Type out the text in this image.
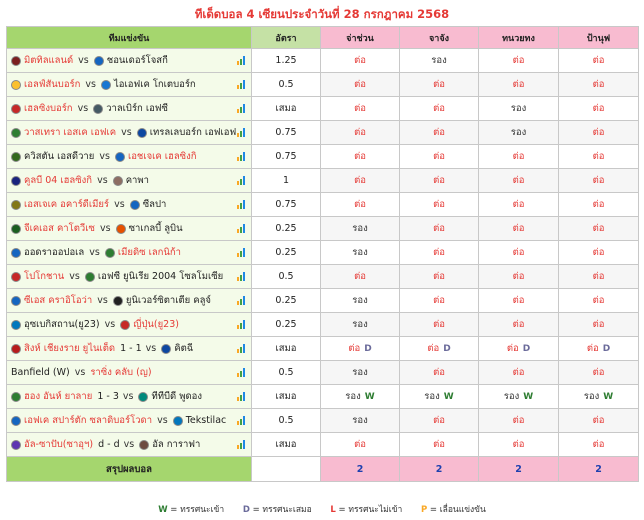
ทีเด็ดบอล 4 เซียนประจำวันที่ 28 กรกฎาคม 2568
ทีมแข่งขัน	อัตรา	จ่าช่วน	จาจัง	ทนวยทง	ป้านุฟ
มิตทิลแลนด์ vs ชอนเดอร์โจสกี	1.25	ต่อ	รอง	ต่อ	ต่อ
เอลฟ์สันบอร์ก vs ไอเอฟเค โกเตบอร์ก	0.5	ต่อ	ต่อ	ต่อ	ต่อ
เฮลซิงบอร์ก vs วาลเบิร์ก เอฟซี	เสมอ	ต่อ	ต่อ	รอง	ต่อ
วาสเทรา เอสเค เอฟเค vs เทรลเลบอร์ก เอฟเอฟ	0.75	ต่อ	ต่อ	รอง	ต่อ
ควิสตัน เอสดีวาย vs เอชเจเค เฮลซิงกิ	0.75	ต่อ	ต่อ	ต่อ	ต่อ
คูลบี 04 เฮลซิงกิ vs คาพา	1	ต่อ	ต่อ	ต่อ	ต่อ
เอสเจเค อคาร์ดีเมียร์ vs ซีลปา	0.75	ต่อ	ต่อ	ต่อ	ต่อ
จีเคเอส คาโตวีเซ vs ซาเกลบี้ ลูบิน	0.25	รอง	ต่อ	ต่อ	ต่อ
ออดราออปอเล vs เมียดิซ เลกนิก้า	0.25	รอง	ต่อ	ต่อ	ต่อ
โปโกชาน vs เอฟซี ยูนิเรีย 2004 โซลโมเซีย	0.5	ต่อ	ต่อ	ต่อ	ต่อ
ซีเอส คราอิโอว่า vs ยูนิเวอร์ซิตาเตีย คลูจ์	0.25	รอง	ต่อ	ต่อ	ต่อ
อุซเบกิสถาน(ยู23) vs ญี่ปุ่น(ยู23)	0.25	รอง	ต่อ	ต่อ	ต่อ
สิงห์ เชียงราย ยูไนเต็ด 1 - 1 vs คิตฉี	เสมอ	ต่อ D	ต่อ D	ต่อ D	ต่อ D
Banfield (W) vs ราซิ่ง คลับ (ญ)	0.5	รอง	ต่อ	ต่อ	ต่อ
ฮอง อันห์ ยาลาย 1 - 3 vs ทีทีบีดี พูดอง	เสมอ	รอง W	รอง W	รอง W	รอง W
เอฟเค สปาร์ตัก ซลาดิบอร์โวดา vs Tekstilac	0.5	รอง	ต่อ	ต่อ	ต่อ
อัล-ซาปับ(ซาอุฯ) d - d vs อัล การาฟา	เสมอ	ต่อ	ต่อ	ต่อ	ต่อ
สรุปผลบอล		2	2	2	2
W = ทรรศนะเข้า D = ทรรศนะเสมอ L = ทรรศนะไม่เข้า P = เลื่อนแข่งขัน
